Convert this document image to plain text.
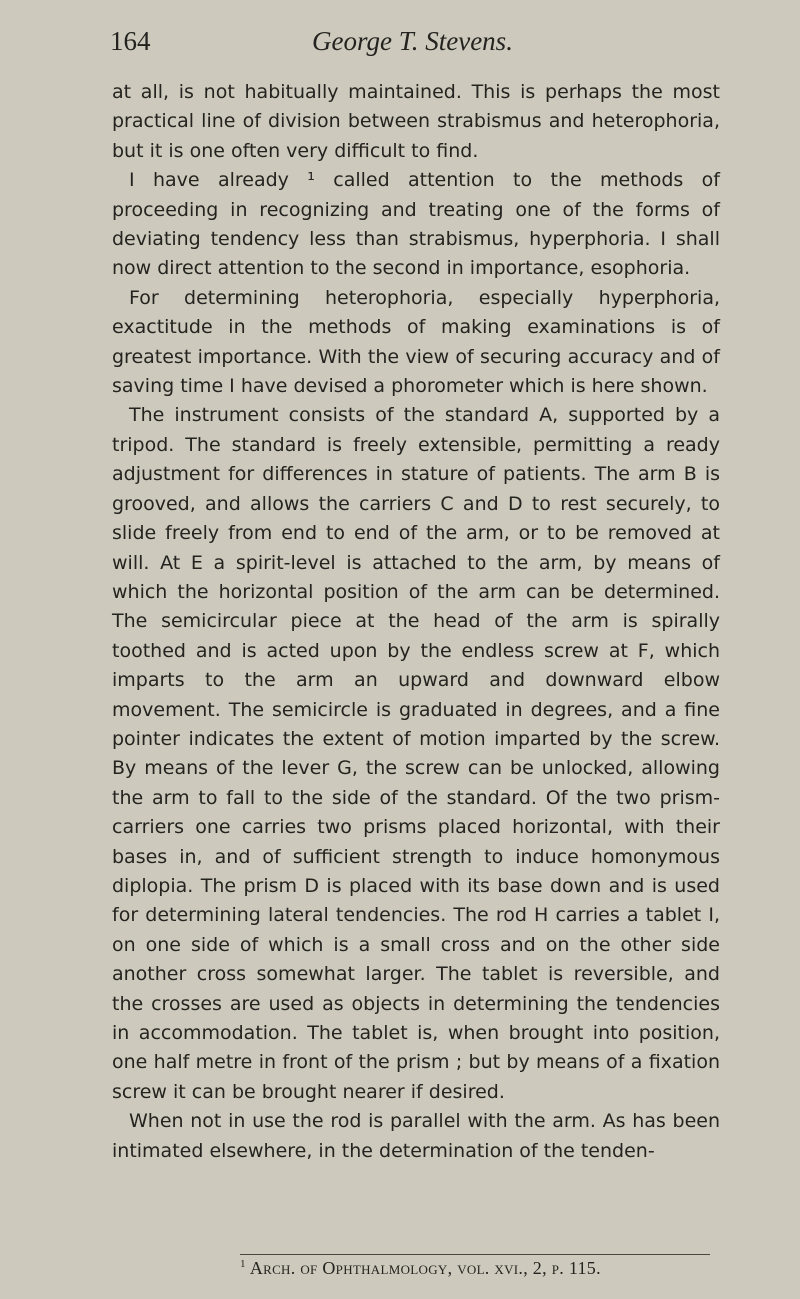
164	George T. Stevens.

at all, is not habitually maintained. This is perhaps the most practical line of division between strabismus and heterophoria, but it is one often very difficult to find.

I have already ¹ called attention to the methods of proceeding in recognizing and treating one of the forms of deviating tendency less than strabismus, hyperphoria. I shall now direct attention to the second in importance, esophoria.

For determining heterophoria, especially hyperphoria, exactitude in the methods of making examinations is of greatest importance. With the view of securing accuracy and of saving time I have devised a phorometer which is here shown.

The instrument consists of the standard A, supported by a tripod. The standard is freely extensible, permitting a ready adjustment for differences in stature of patients. The arm B is grooved, and allows the carriers C and D to rest securely, to slide freely from end to end of the arm, or to be removed at will. At E a spirit-level is attached to the arm, by means of which the horizontal position of the arm can be determined. The semicircular piece at the head of the arm is spirally toothed and is acted upon by the endless screw at F, which imparts to the arm an upward and downward elbow movement. The semicircle is graduated in degrees, and a fine pointer indicates the extent of motion imparted by the screw. By means of the lever G, the screw can be unlocked, allowing the arm to fall to the side of the standard. Of the two prism-carriers one carries two prisms placed horizontal, with their bases in, and of sufficient strength to induce homonymous diplopia. The prism D is placed with its base down and is used for determining lateral tendencies. The rod H carries a tablet I, on one side of which is a small cross and on the other side another cross somewhat larger. The tablet is reversible, and the crosses are used as objects in determining the tendencies in accommodation. The tablet is, when brought into position, one half metre in front of the prism ; but by means of a fixation screw it can be brought nearer if desired.

When not in use the rod is parallel with the arm. As has been intimated elsewhere, in the determination of the tenden-

$^1$ Arch. of Ophthalmology, vol. xvi., 2, p. 115.
